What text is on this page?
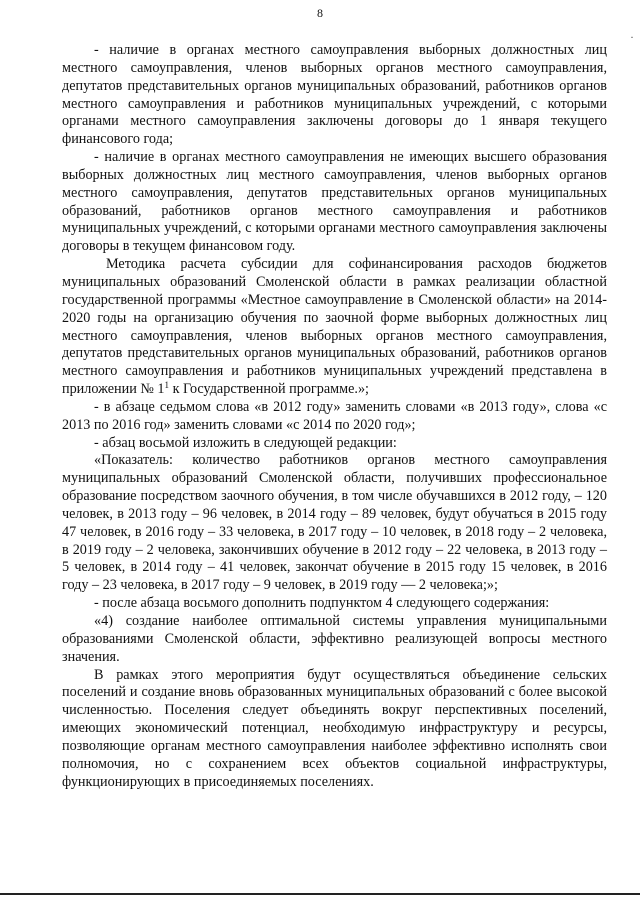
8
·

- наличие в органах местного самоуправления выборных должностных лиц местного самоуправления, членов выборных органов местного самоуправления, депутатов представительных органов муниципальных образований, работников органов местного самоуправления и работников муниципальных учреждений, с которыми органами местного самоуправления заключены договоры до 1 января текущего финансового года;

- наличие в органах местного самоуправления не имеющих высшего образования выборных должностных лиц местного самоуправления, членов выборных органов местного самоуправления, депутатов представительных органов муниципальных образований, работников органов местного самоуправления и работников муниципальных учреждений, с которыми органами местного самоуправления заключены договоры в текущем финансовом году.

Методика расчета субсидии для софинансирования расходов бюджетов муниципальных образований Смоленской области в рамках реализации областной государственной программы «Местное самоуправление в Смоленской области» на 2014-2020 годы на организацию обучения по заочной форме выборных должностных лиц местного самоуправления, членов выборных органов местного самоуправления, депутатов представительных органов муниципальных образований, работников органов местного самоуправления и работников муниципальных учреждений представлена в приложении № $1^1$ к Государственной программе.»;

- в абзаце седьмом слова «в 2012 году» заменить словами «в 2013 году», слова «с 2013 по 2016 год» заменить словами «с 2014 по 2020 год»;

- абзац восьмой изложить в следующей редакции:

«Показатель: количество работников органов местного самоуправления муниципальных образований Смоленской области, получивших профессиональное образование посредством заочного обучения, в том числе обучавшихся в 2012 году, – 120 человек, в 2013 году – 96 человек, в 2014 году – 89 человек, будут обучаться в 2015 году 47 человек, в 2016 году – 33 человека, в 2017 году – 10 человек, в 2018 году – 2 человека, в 2019 году – 2 человека, закончивших обучение в 2012 году – 22 человека, в 2013 году – 5 человек, в 2014 году – 41 человек, закончат обучение в 2015 году 15 человек, в 2016 году – 23 человека, в 2017 году – 9 человек, в 2019 году –– 2 человека;»;

- после абзаца восьмого дополнить подпунктом 4 следующего содержания:

«4) создание наиболее оптимальной системы управления муниципальными образованиями Смоленской области, эффективно реализующей вопросы местного значения.

В рамках этого мероприятия будут осуществляться объединение сельских поселений и создание вновь образованных муниципальных образований с более высокой численностью. Поселения следует объединять вокруг перспективных поселений, имеющих экономический потенциал, необходимую инфраструктуру и ресурсы, позволяющие органам местного самоуправления наиболее эффективно исполнять свои полномочия, но с сохранением всех объектов социальной инфраструктуры, функционирующих в присоединяемых поселениях.
